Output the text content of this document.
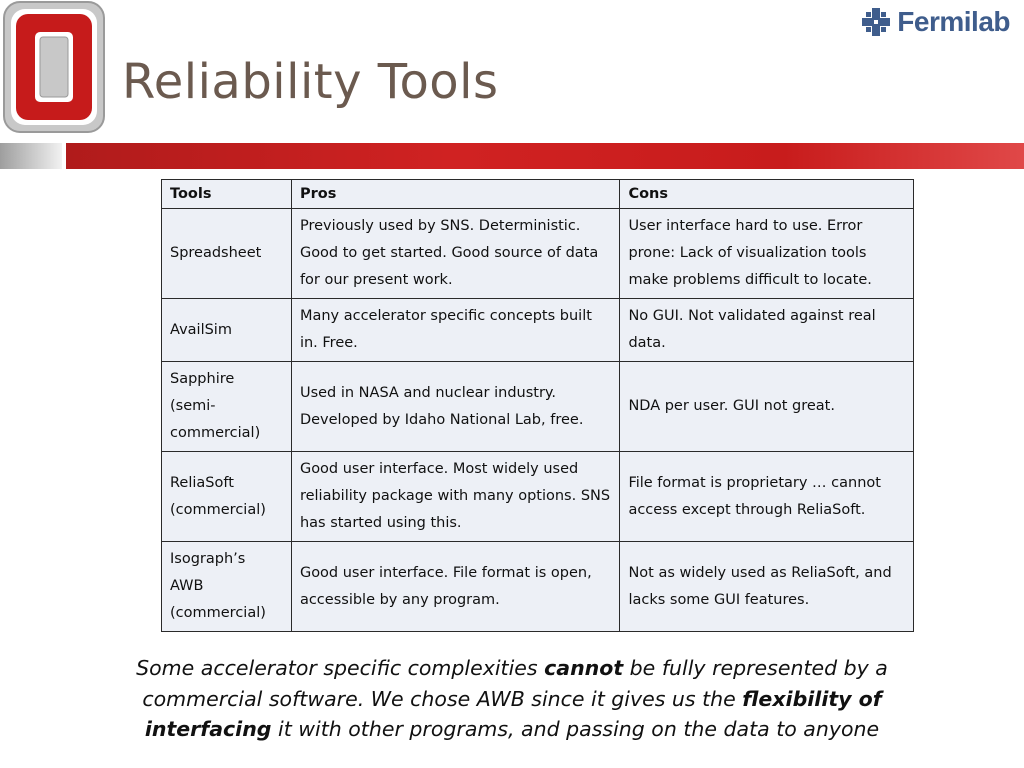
Reliability Tools
Fermilab
Tools	Pros	Cons
Spreadsheet	Previously used by SNS. Deterministic. Good to get started. Good source of data for our present work.	User interface hard to use. Error prone: Lack of visualization tools make problems difficult to locate.
AvailSim	Many accelerator specific concepts built in. Free.	No GUI. Not validated against real data.
Sapphire (semi-commercial)	Used in NASA and nuclear industry. Developed by Idaho National Lab, free.	NDA per user. GUI not great.
ReliaSoft (commercial)	Good user interface. Most widely used reliability package with many options. SNS has started using this.	File format is proprietary … cannot access except through ReliaSoft.
Isograph’s AWB (commercial)	Good user interface. File format is open, accessible by any program.	Not as widely used as ReliaSoft, and lacks some GUI features.
Some accelerator specific complexities cannot be fully represented by a commercial software. We chose AWB since it gives us the flexibility of interfacing it with other programs, and passing on the data to anyone
